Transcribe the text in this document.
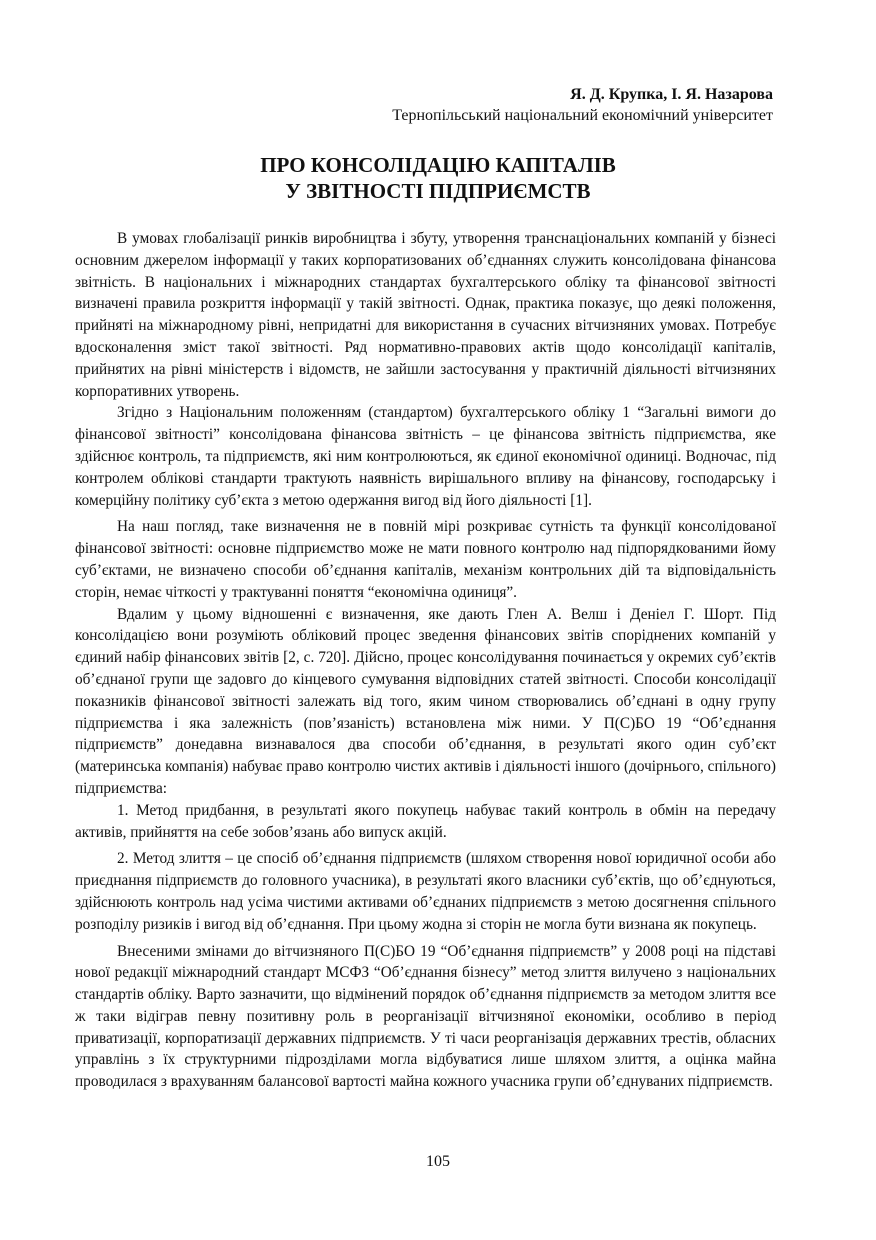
Я. Д. Крупка, І. Я. Назарова
Тернопільський національний економічний університет
ПРО КОНСОЛІДАЦІЮ КАПІТАЛІВ
У ЗВІТНОСТІ ПІДПРИЄМСТВ

В умовах глобалізації ринків виробництва і збуту, утворення транснаціональних компаній у бізнесі основним джерелом інформації у таких корпоратизованих об’єднаннях служить консолідована фінансова звітність. В національних і міжнародних стандартах бухгалтерського обліку та фінансової звітності визначені правила розкриття інформації у такій звітності. Однак, практика показує, що деякі положення, прийняті на міжнародному рівні, непридатні для використання в сучасних вітчизняних умовах. Потребує вдосконалення зміст такої звітності. Ряд нормативно-правових актів щодо консолідації капіталів, прийнятих на рівні міністерств і відомств, не зайшли застосування у практичній діяльності вітчизняних корпоративних утворень.

Згідно з Національним положенням (стандартом) бухгалтерського обліку 1 “Загальні вимоги до фінансової звітності” консолідована фінансова звітність – це фінансова звітність підприємства, яке здійснює контроль, та підприємств, які ним контролюються, як єдиної економічної одиниці. Водночас, під контролем облікові стандарти трактують наявність вирішального впливу на фінансову, господарську і комерційну політику суб’єкта з метою одержання вигод від його діяльності [1].

На наш погляд, таке визначення не в повній мірі розкриває сутність та функції консолідованої фінансової звітності: основне підприємство може не мати повного контролю над підпорядкованими йому суб’єктами, не визначено способи об’єднання капіталів, механізм контрольних дій та відповідальність сторін, немає чіткості у трактуванні поняття “економічна одиниця”.

Вдалим у цьому відношенні є визначення, яке дають Глен А. Велш і Деніел Г. Шорт. Під консолідацією вони розуміють обліковий процес зведення фінансових звітів споріднених компаній у єдиний набір фінансових звітів [2, с. 720]. Дійсно, процес консолідування починається у окремих суб’єктів об’єднаної групи ще задовго до кінцевого сумування відповідних статей звітності. Способи консолідації показників фінансової звітності залежать від того, яким чином створювались об’єднані в одну групу підприємства і яка залежність (пов’язаність) встановлена між ними. У П(С)БО 19 “Об’єднання підприємств” донедавна визнавалося два способи об’єднання, в результаті якого один суб’єкт (материнська компанія) набуває право контролю чистих активів і діяльності іншого (дочірнього, спільного) підприємства:

1. Метод придбання, в результаті якого покупець набуває такий контроль в обмін на передачу активів, прийняття на себе зобов’язань або випуск акцій.

2. Метод злиття – це спосіб об’єднання підприємств (шляхом створення нової юридичної особи або приєднання підприємств до головного учасника), в результаті якого власники суб’єктів, що об’єднуються, здійснюють контроль над усіма чистими активами об’єднаних підприємств з метою досягнення спільного розподілу ризиків і вигод від об’єднання. При цьому жодна зі сторін не могла бути визнана як покупець.

Внесеними змінами до вітчизняного П(С)БО 19 “Об’єднання підприємств” у 2008 році на підставі нової редакції міжнародний стандарт МСФЗ “Об’єднання бізнесу” метод злиття вилучено з національних стандартів обліку. Варто зазначити, що відмінений порядок об’єднання підприємств за методом злиття все ж таки відіграв певну позитивну роль в реорганізації вітчизняної економіки, особливо в період приватизації, корпоратизації державних підприємств. У ті часи реорганізація державних трестів, обласних управлінь з їх структурними підрозділами могла відбуватися лише шляхом злиття, а оцінка майна проводилася з врахуванням балансової вартості майна кожного учасника групи об’єднуваних підприємств.

105
